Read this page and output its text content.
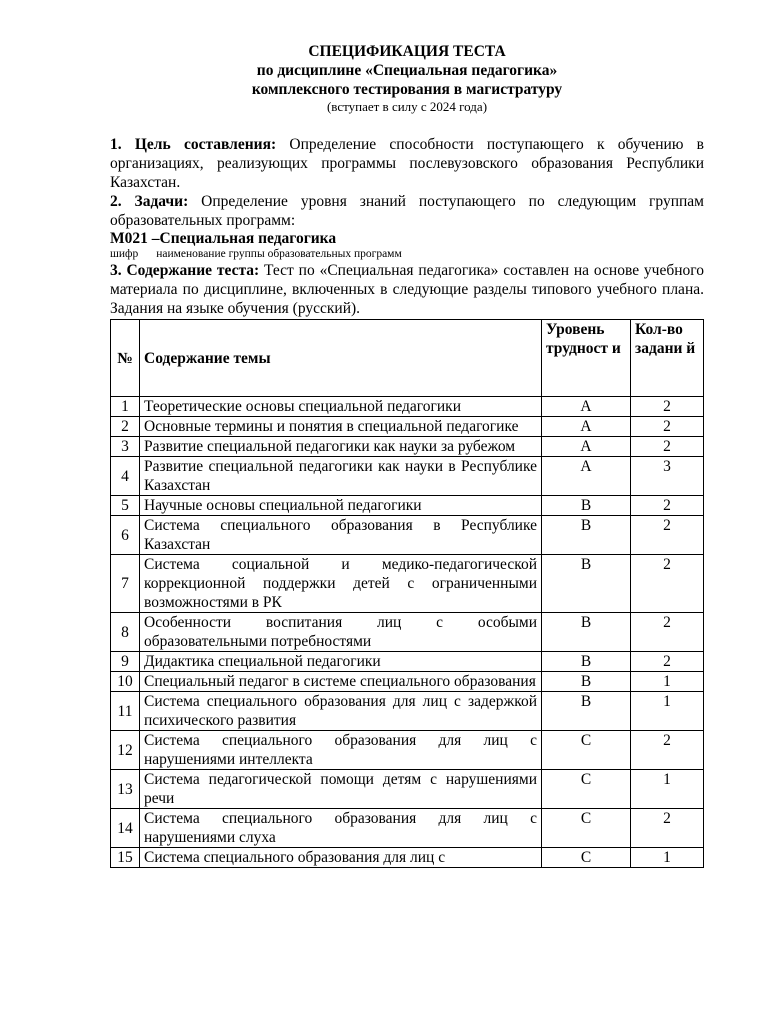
СПЕЦИФИКАЦИЯ ТЕСТА
по дисциплине «Специальная педагогика»
комплексного тестирования в магистратуру
(вступает в силу с 2024 года)
1. Цель составления: Определение способности поступающего к обучению в организациях, реализующих программы послевузовского образования Республики Казахстан.
2. Задачи: Определение уровня знаний поступающего по следующим группам образовательных программ:
М021 –Специальная педагогика
шифр наименование группы образовательных программ
3. Содержание теста: Тест по «Специальная педагогика» составлен на основе учебного материала по дисциплине, включенных в следующие разделы типового учебного плана. Задания на языке обучения (русский).
№	Содержание темы	Уровень трудност и	Кол-во задани й
1	Теоретические основы специальной педагогики	A	2
2	Основные термины и понятия в специальной педагогике	A	2
3	Развитие специальной педагогики как науки за рубежом	A	2
4	Развитие специальной педагогики как науки в Республике Казахстан	A	3
5	Научные основы специальной педагогики	B	2
6	Система специального образования в Республике Казахстан	B	2
7	Система социальной и медико-педагогической коррекционной поддержки детей с ограниченными возможностями в РК	B	2
8	Особенности воспитания лиц с особыми образовательными потребностями	B	2
9	Дидактика специальной педагогики	B	2
10	Специальный педагог в системе специального образования	B	1
11	Система специального образования для лиц с задержкой психического развития	B	1
12	Система специального образования для лиц с нарушениями интеллекта	C	2
13	Система педагогической помощи детям с нарушениями речи	C	1
14	Система специального образования для лиц с нарушениями слуха	C	2
15	Система специального образования для лиц с	C	1
